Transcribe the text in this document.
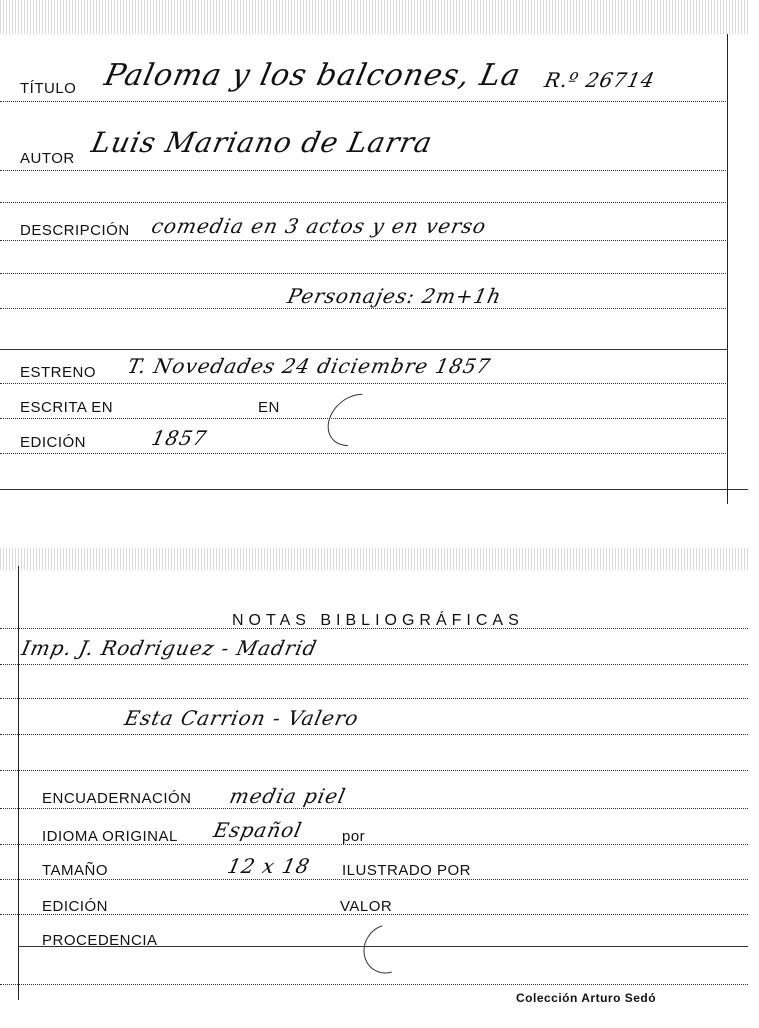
TÍTULO Paloma y los balcones, La R.º 26714
AUTOR Luis Mariano de Larra
DESCRIPCIÓN comedia en 3 actos y en verso
Personajes: 2m+1h
ESTRENO T. Novedades 24 diciembre 1857
ESCRITA EN	EN
EDICIÓN	1857
NOTAS BIBLIOGRÁFICAS
Imp. J. Rodriguez - Madrid
Esta Carrion - Valero
ENCUADERNACIÓN media piel
IDIOMA ORIGINAL Español	por
TAMAÑO	12 x 18 ILUSTRADO POR
EDICIÓN	VALOR
PROCEDENCIA
Colección Arturo Sedó
